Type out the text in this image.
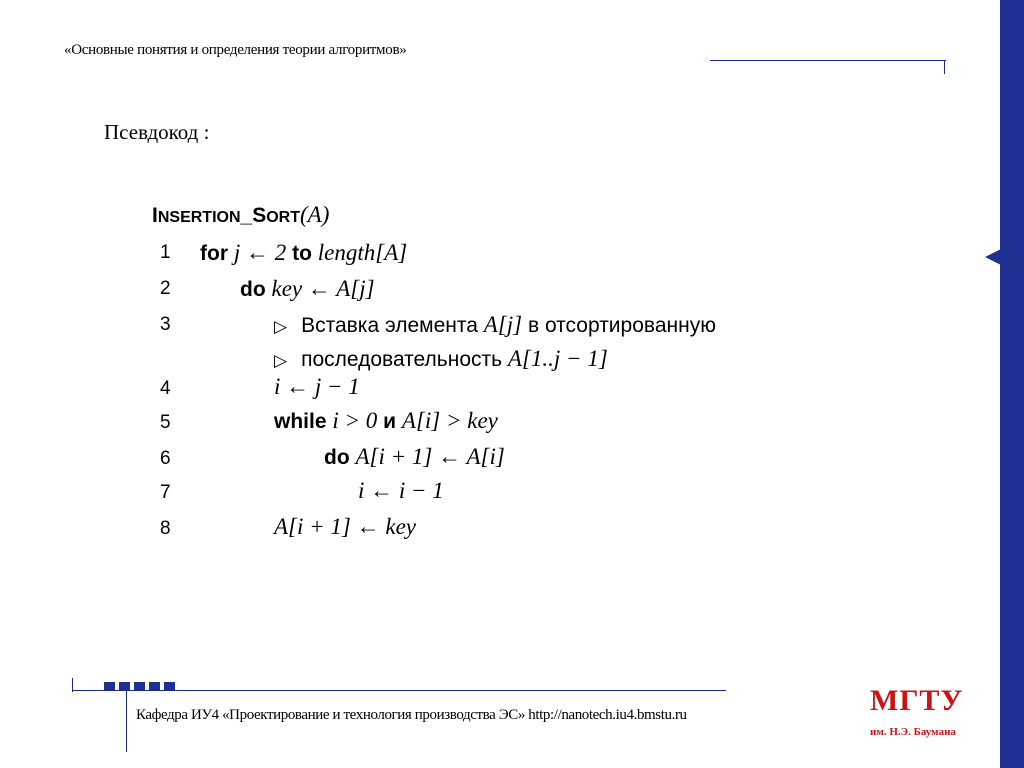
«Основные понятия и определения теории алгоритмов»
Псевдокод :
INSERTION_SORT(A)
1	for j ← 2 to length[A]
2	do key ← A[j]
3	▷ Вставка элемента A[j] в отсортированную
▷ последовательность A[1..j − 1]
4	i ← j − 1
5	while i > 0 и A[i] > key
6	do A[i + 1] ← A[i]
7	i ← i − 1
8	A[i + 1] ← key
Кафедра ИУ4 «Проектирование и технология производства ЭС» http://nanotech.iu4.bmstu.ru	МГТУ
им. Н.Э. Баумана
